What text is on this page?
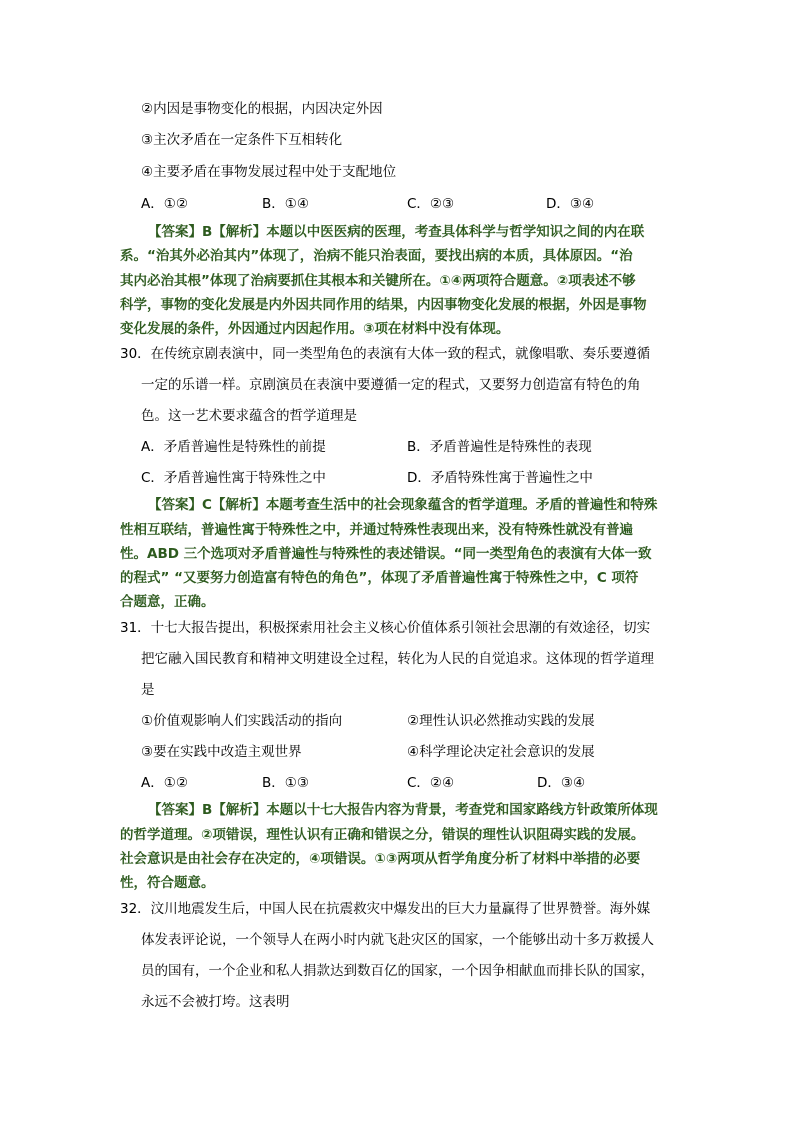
②内因是事物变化的根据，内因决定外因
③主次矛盾在一定条件下互相转化
④主要矛盾在事物发展过程中处于支配地位
A．①②	B．①④	C．②③	D．③④
【答案】B【解析】本题以中医医病的医理，考查具体科学与哲学知识之间的内在联
系。“治其外必治其内”体现了，治病不能只治表面，要找出病的本质，具体原因。“治
其内必治其根”体现了治病要抓住其根本和关键所在。①④两项符合题意。②项表述不够
科学，事物的变化发展是内外因共同作用的结果，内因事物变化发展的根据，外因是事物
变化发展的条件，外因通过内因起作用。③项在材料中没有体现。
30．在传统京剧表演中，同一类型角色的表演有大体一致的程式，就像唱歌、奏乐要遵循
一定的乐谱一样。京剧演员在表演中要遵循一定的程式，又要努力创造富有特色的角
色。这一艺术要求蕴含的哲学道理是
A．矛盾普遍性是特殊性的前提	B．矛盾普遍性是特殊性的表现
C．矛盾普遍性寓于特殊性之中	D．矛盾特殊性寓于普遍性之中
【答案】C【解析】本题考查生活中的社会现象蕴含的哲学道理。矛盾的普遍性和特殊
性相互联结，普遍性寓于特殊性之中，并通过特殊性表现出来，没有特殊性就没有普遍
性。ABD 三个选项对矛盾普遍性与特殊性的表述错误。“同一类型角色的表演有大体一致
的程式” “又要努力创造富有特色的角色”，体现了矛盾普遍性寓于特殊性之中，C 项符
合题意，正确。
31．十七大报告提出，积极探索用社会主义核心价值体系引领社会思潮的有效途径，切实
把它融入国民教育和精神文明建设全过程，转化为人民的自觉追求。这体现的哲学道理
是
①价值观影响人们实践活动的指向	②理性认识必然推动实践的发展
③要在实践中改造主观世界	④科学理论决定社会意识的发展
A．①②	B．①③	C．②④	D．③④
【答案】B【解析】本题以十七大报告内容为背景，考查党和国家路线方针政策所体现
的哲学道理。②项错误，理性认识有正确和错误之分，错误的理性认识阻碍实践的发展。
社会意识是由社会存在决定的，④项错误。①③两项从哲学角度分析了材料中举措的必要
性，符合题意。
32．汶川地震发生后，中国人民在抗震救灾中爆发出的巨大力量赢得了世界赞誉。海外媒
体发表评论说，一个领导人在两小时内就飞赴灾区的国家，一个能够出动十多万救援人
员的国有，一个企业和私人捐款达到数百亿的国家，一个因争相献血而排长队的国家，
永远不会被打垮。这表明
